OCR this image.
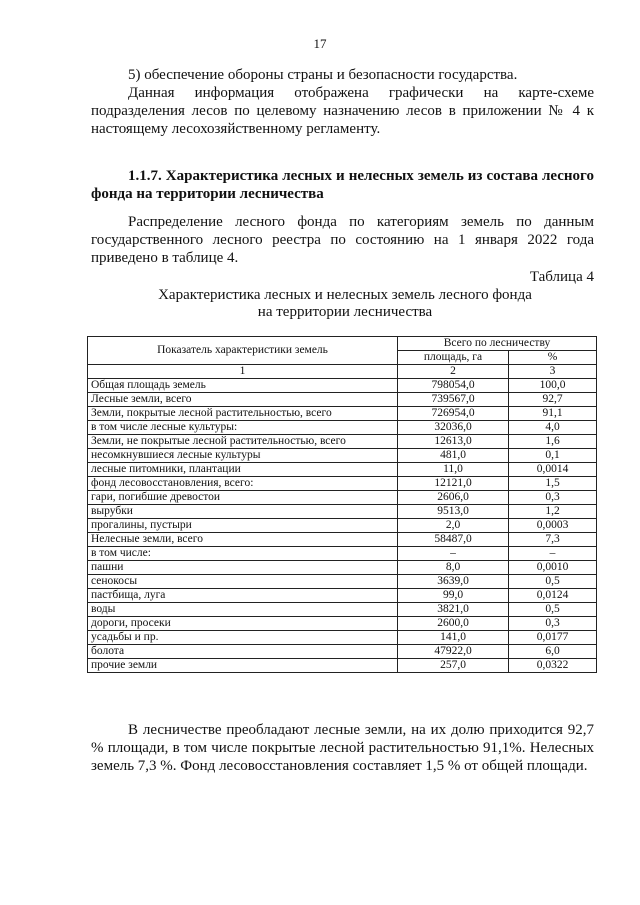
17
5) обеспечение обороны страны и безопасности государства.
Данная информация отображена графически на карте-схеме подразделения лесов по целевому назначению лесов в приложении № 4 к настоящему лесохозяйственному регламенту.
1.1.7. Характеристика лесных и нелесных земель из состава лесного фонда на территории лесничества
Распределение лесного фонда по категориям земель по данным государственного лесного реестра по состоянию на 1 января 2022 года приведено в таблице 4.
Таблица 4
Характеристика лесных и нелесных земель лесного фонда
на территории лесничества
Показатель характеристики земель	Всего по лесничеству	
	площадь, га	%
1	2	3
Общая площадь земель	798054,0	100,0
Лесные земли, всего	739567,0	92,7
Земли, покрытые лесной растительностью, всего	726954,0	91,1
в том числе лесные культуры:	32036,0	4,0
Земли, не покрытые лесной растительностью, всего	12613,0	1,6
несомкнувшиеся лесные культуры	481,0	0,1
лесные питомники, плантации	11,0	0,0014
фонд лесовосстановления, всего:	12121,0	1,5
гари, погибшие древостои	2606,0	0,3
вырубки	9513,0	1,2
прогалины, пустыри	2,0	0,0003
Нелесные земли, всего	58487,0	7,3
в том числе:	–	–
пашни	8,0	0,0010
сенокосы	3639,0	0,5
пастбища, луга	99,0	0,0124
воды	3821,0	0,5
дороги, просеки	2600,0	0,3
усадьбы и пр.	141,0	0,0177
болота	47922,0	6,0
прочие земли	257,0	0,0322
В лесничестве преобладают лесные земли, на их долю приходится 92,7 % площади, в том числе покрытые лесной растительностью 91,1%. Нелесных земель 7,3 %. Фонд лесовосстановления составляет 1,5 % от общей площади.
